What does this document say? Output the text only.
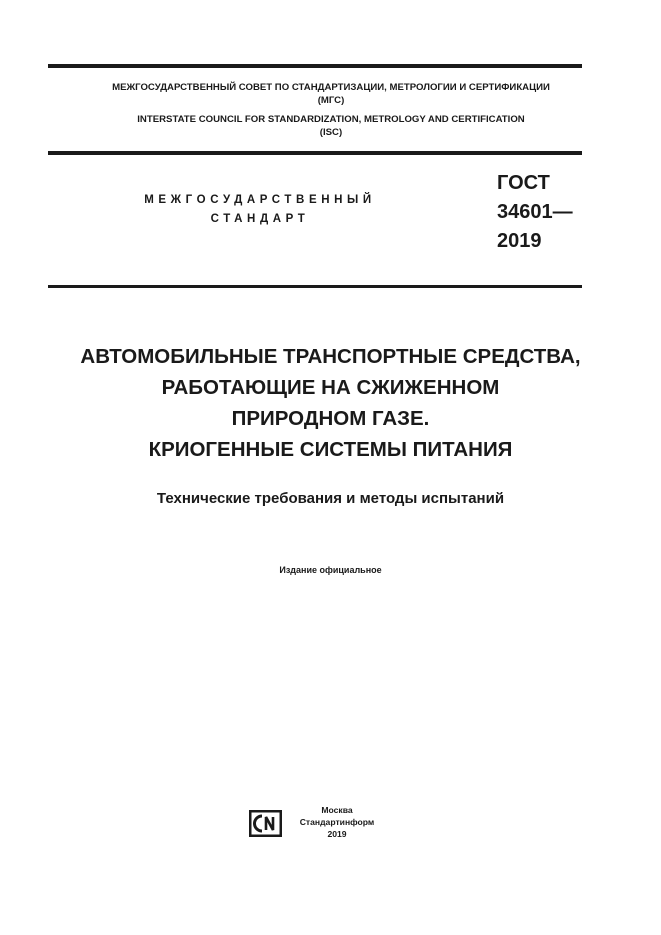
МЕЖГОСУДАРСТВЕННЫЙ СОВЕТ ПО СТАНДАРТИЗАЦИИ, МЕТРОЛОГИИ И СЕРТИФИКАЦИИ
(МГС)
INTERSTATE COUNCIL FOR STANDARDIZATION, METROLOGY AND CERTIFICATION
(ISC)
МЕЖГОСУДАРСТВЕННЫЙ
СТАНДАРТ
ГОСТ
34601—
2019
АВТОМОБИЛЬНЫЕ ТРАНСПОРТНЫЕ СРЕДСТВА,
РАБОТАЮЩИЕ НА СЖИЖЕННОМ
ПРИРОДНОМ ГАЗЕ.
КРИОГЕННЫЕ СИСТЕМЫ ПИТАНИЯ
Технические требования и методы испытаний
Издание официальное
Москва
Стандартинформ
2019
